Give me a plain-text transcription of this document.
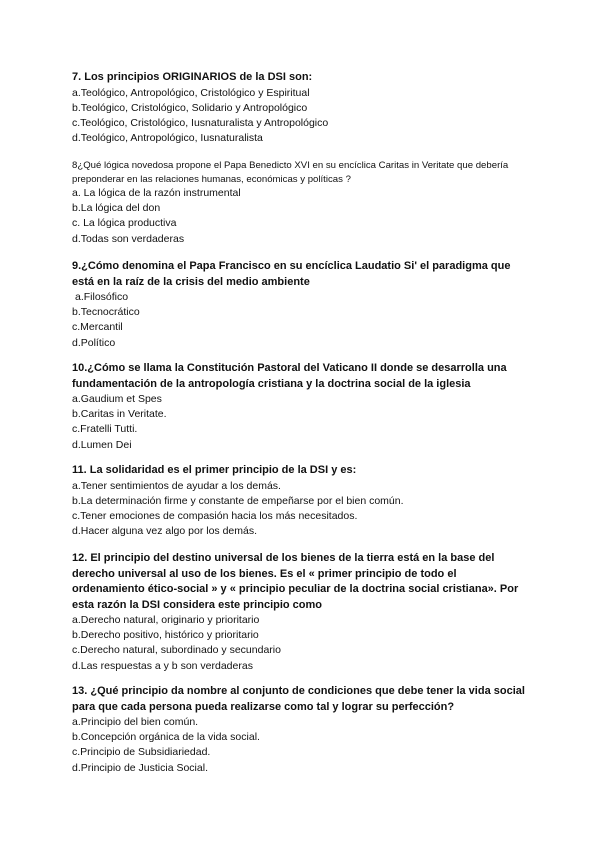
7. Los principios ORIGINARIOS de la DSI son:

a.Teológico, Antropológico, Cristológico y Espiritual

b.Teológico, Cristológico, Solidario y Antropológico

c.Teológico, Cristológico, Iusnaturalista y Antropológico

d.Teológico, Antropológico, Iusnaturalista

8¿Qué lógica novedosa propone el Papa Benedicto XVI en su encíclica Caritas in Veritate que debería preponderar en las relaciones humanas, económicas y políticas ?

a. La lógica de la razón instrumental

b.La lógica del don

c. La lógica productiva

d.Todas son verdaderas

9.¿Cómo denomina el Papa Francisco en su encíclica Laudatio Si' el paradigma que está en la raíz de la crisis del medio ambiente

a.Filosófico

b.Tecnocrático

c.Mercantil

d.Político

10.¿Cómo se llama la Constitución Pastoral del Vaticano II donde se desarrolla una fundamentación de la antropología cristiana y la doctrina social de la iglesia

a.Gaudium et Spes

b.Caritas in Veritate.

c.Fratelli Tutti.

d.Lumen Dei

11. La solidaridad es el primer principio de la DSI y es:

a.Tener sentimientos de ayudar a los demás.

b.La determinación firme y constante de empeñarse por el bien común.

c.Tener emociones de compasión hacia los más necesitados.

d.Hacer alguna vez algo por los demás.

12. El principio del destino universal de los bienes de la tierra está en la base del derecho universal al uso de los bienes. Es el « primer principio de todo el ordenamiento ético-social » y « principio peculiar de la doctrina social cristiana». Por esta razón la DSI considera este principio como

a.Derecho natural, originario y prioritario

b.Derecho positivo, histórico y prioritario

c.Derecho natural, subordinado y secundario

d.Las respuestas a y b son verdaderas

13. ¿Qué principio da nombre al conjunto de condiciones que debe tener la vida social para que cada persona pueda realizarse como tal y lograr su perfección?

a.Principio del bien común.

b.Concepción orgánica de la vida social.

c.Principio de Subsidiariedad.

d.Principio de Justicia Social.
